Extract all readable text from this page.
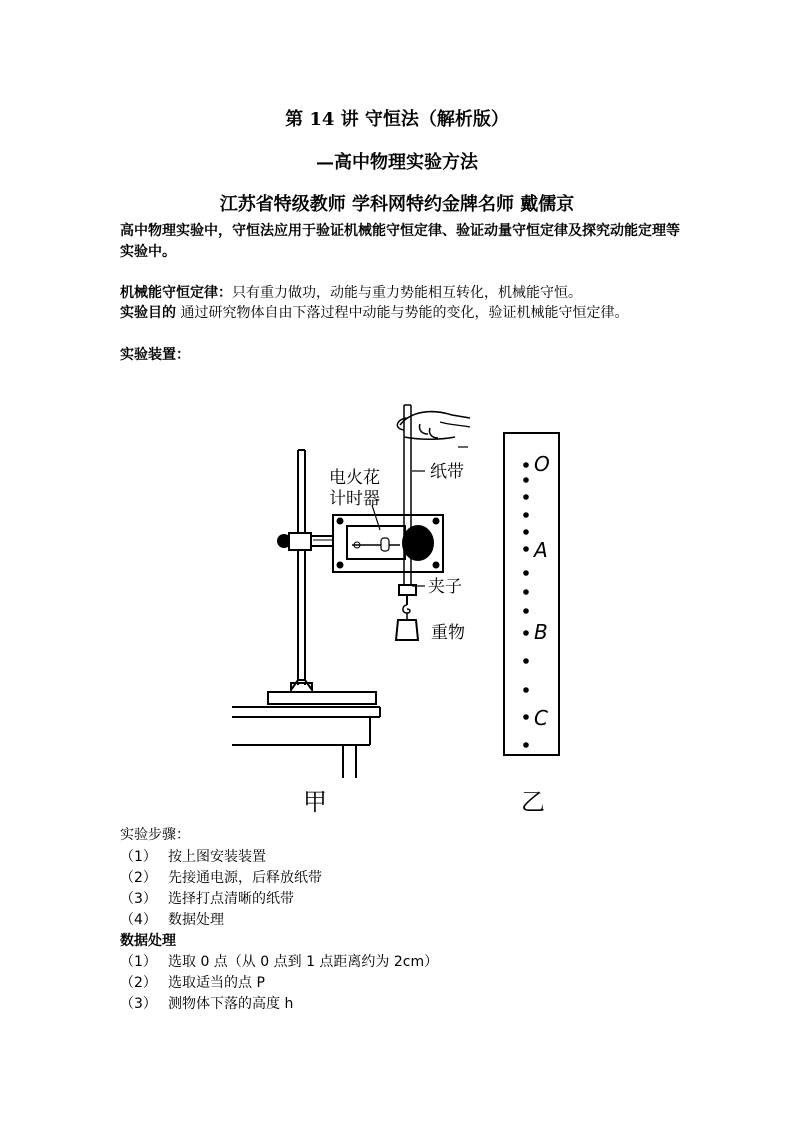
第 14 讲 守恒法（解析版）
—高中物理实验方法
江苏省特级教师 学科网特约金牌名师 戴儒京
高中物理实验中，守恒法应用于验证机械能守恒定律、验证动量守恒定律及探究动能定理等实验中。
机械能守恒定律：只有重力做功，动能与重力势能相互转化，机械能守恒。
实验目的 通过研究物体自由下落过程中动能与势能的变化，验证机械能守恒定律。
实验装置：
电火花
计时器
纸带
夹子
重物
O
A
B
C
甲	乙
实验步骤：
（1） 按上图安装装置
（2） 先接通电源，后释放纸带
（3） 选择打点清晰的纸带
（4） 数据处理
数据处理
（1） 选取 0 点（从 0 点到 1 点距离约为 2cm）
（2） 选取适当的点 P
（3） 测物体下落的高度 h
